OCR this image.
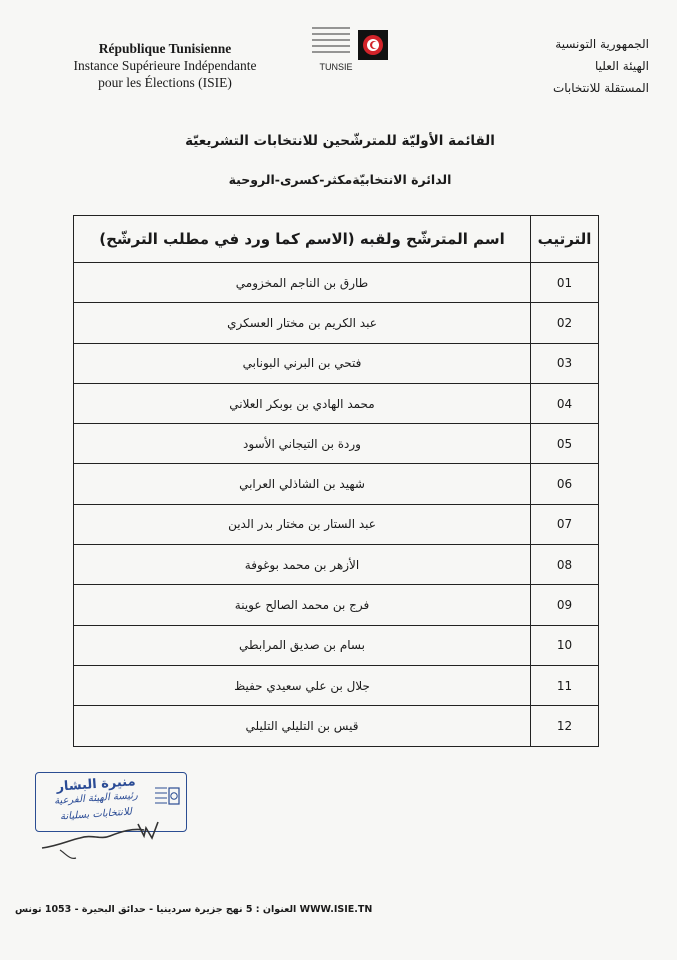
République Tunisienne
Instance Supérieure Indépendante
pour les Élections (ISIE)
TUNSIE
الجمهورية التونسية
الهيئة العليا
المستقلة للانتخابات
القائمة الأوليّة للمترشّحين للانتخابات التشريعيّة
الدائرة الانتخابيّةمكثر-كسرى-الروحية
الترتيب	اسم المترشّح ولقبه (الاسم كما ورد في مطلب الترشّح)
01	طارق بن الناجم المخزومي
02	عبد الكريم بن مختار العسكري
03	فتحي بن البرني البونابي
04	محمد الهادي بن بوبكر العلاني
05	وردة بن التيجاني الأسود
06	شهيد بن الشاذلي العرابي
07	عبد الستار بن مختار بدر الدين
08	الأزهر بن محمد بوغوفة
09	فرج بن محمد الصالح عوينة
10	بسام بن صديق المرابطي
11	جلال بن علي سعيدي حفيظ
12	قيس بن التليلي التليلي
منيرة البشار
رئيسة الهيئة الفرعية
للانتخابات بسليانة
العنوان : 5 نهج جزيرة سردينيا - حدائق البحيرة - 1053 تونس WWW.ISIE.TN
